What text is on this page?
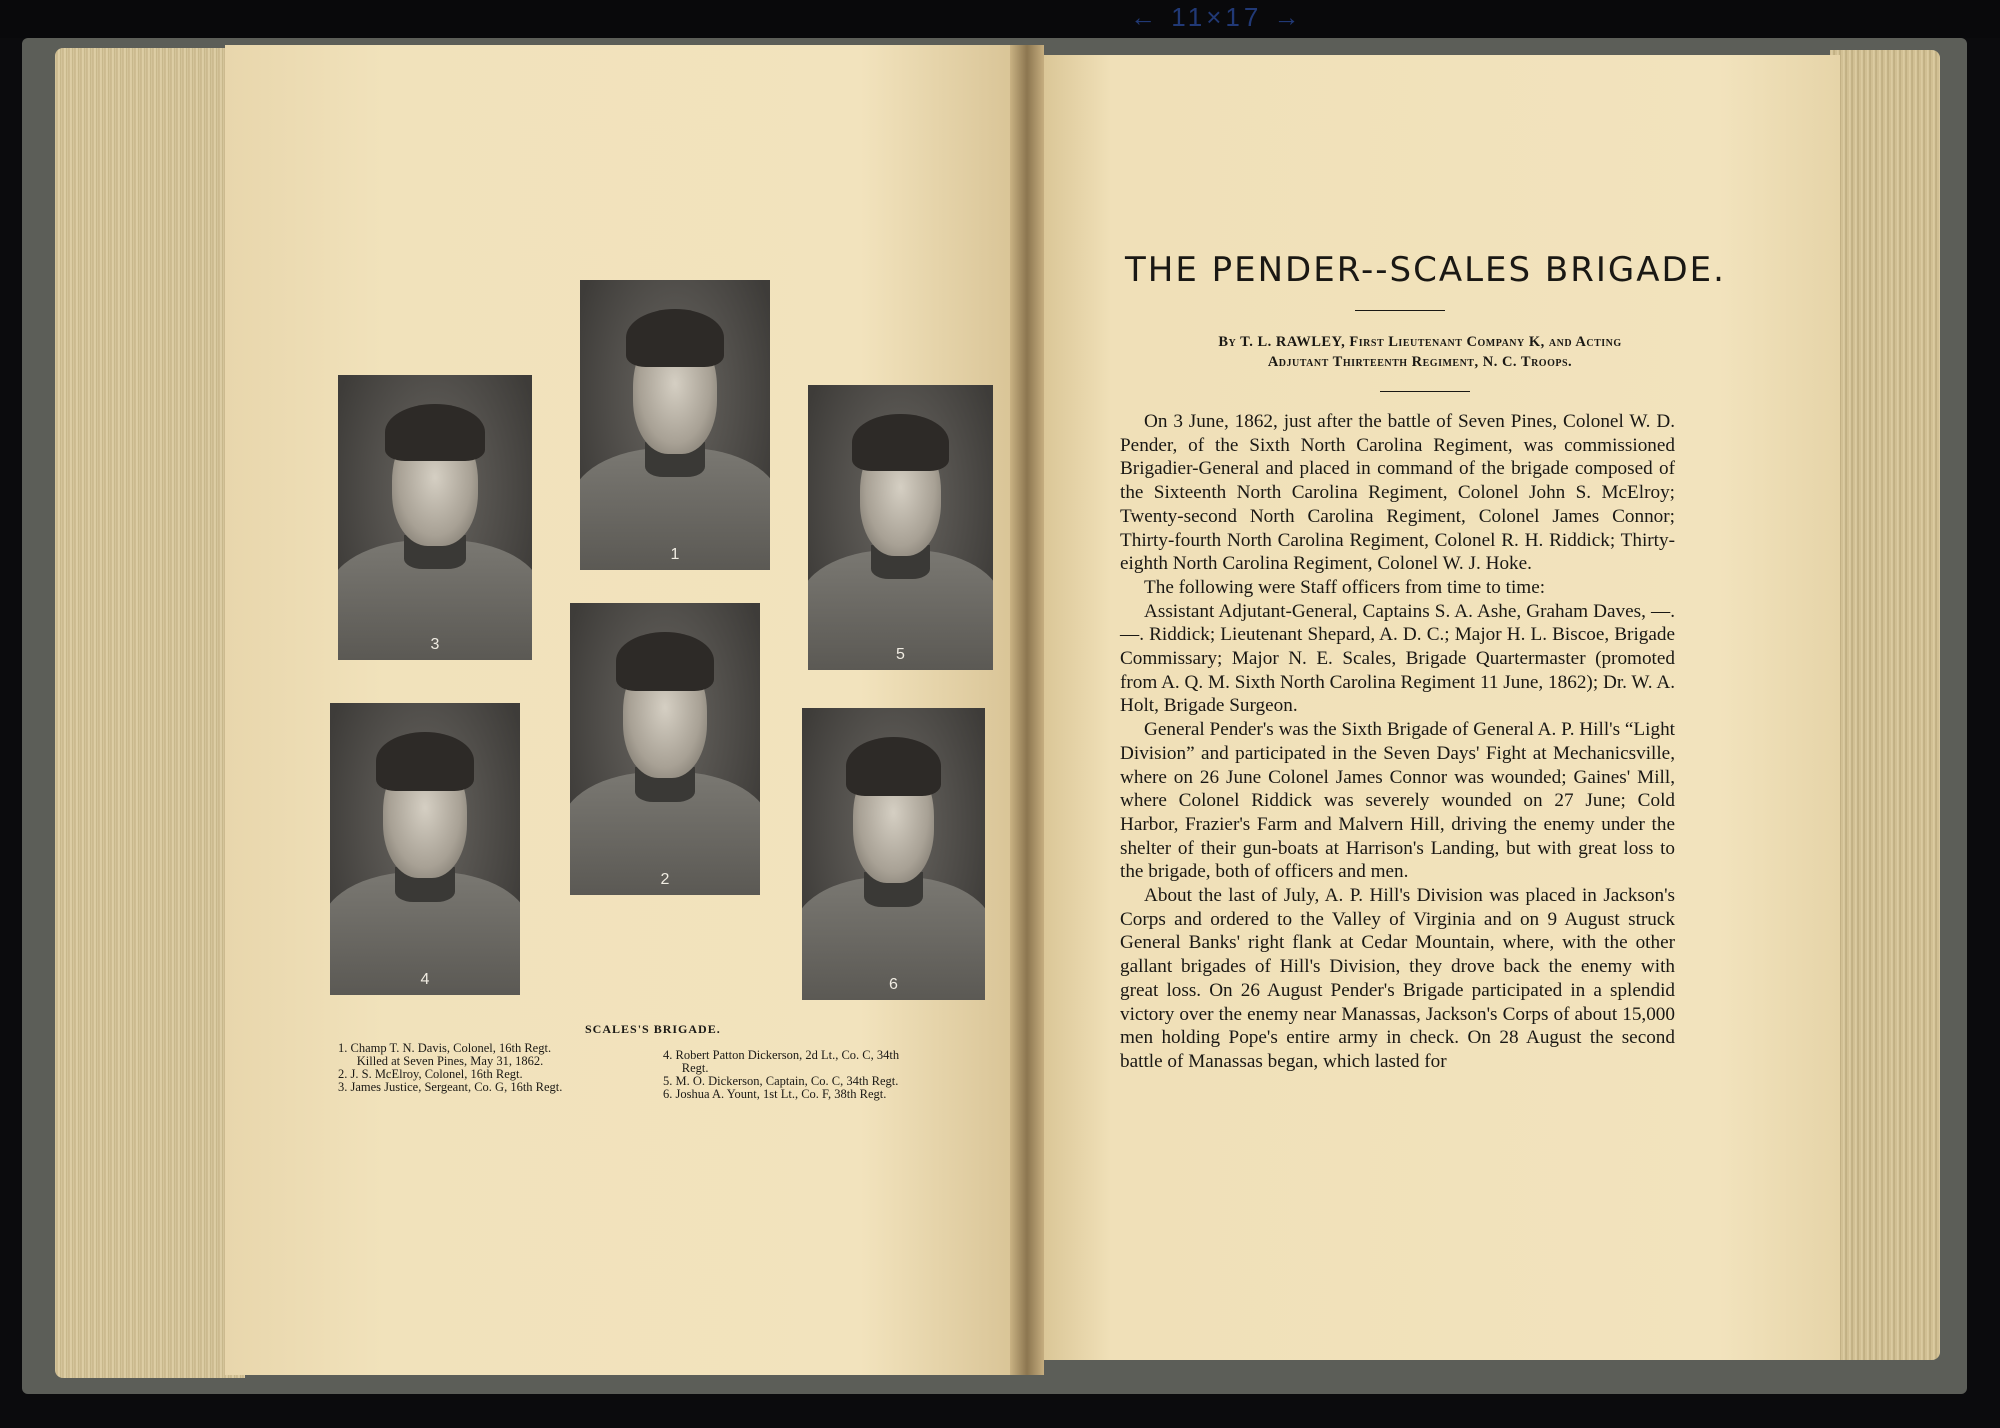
← 11×17 →
1
3
5
2
4	6
SCALES'S BRIGADE.
1. Champ T. N. Davis, Colonel, 16th Regt.
Killed at Seven Pines, May 31, 1862.
2. J. S. McElroy, Colonel, 16th Regt.
3. James Justice, Sergeant, Co. G, 16th Regt.
4. Robert Patton Dickerson, 2d Lt., Co. C, 34th
Regt.
5. M. O. Dickerson, Captain, Co. C, 34th Regt.
6. Joshua A. Yount, 1st Lt., Co. F, 38th Regt.
THE PENDER--SCALES BRIGADE.
By T. L. RAWLEY, First Lieutenant Company K, and Acting
Adjutant Thirteenth Regiment, N. C. Troops.

On 3 June, 1862, just after the battle of Seven Pines, Colonel W. D. Pender, of the Sixth North Carolina Regiment, was commissioned Brigadier-General and placed in command of the brigade composed of the Sixteenth North Carolina Regiment, Colonel John S. McElroy; Twenty-second North Carolina Regiment, Colonel James Connor; Thirty-fourth North Carolina Regiment, Colonel R. H. Riddick; Thirty-eighth North Carolina Regiment, Colonel W. J. Hoke.

The following were Staff officers from time to time:

Assistant Adjutant-General, Captains S. A. Ashe, Graham Daves, —. —. Riddick; Lieutenant Shepard, A. D. C.; Major H. L. Biscoe, Brigade Commissary; Major N. E. Scales, Brigade Quartermaster (promoted from A. Q. M. Sixth North Carolina Regiment 11 June, 1862); Dr. W. A. Holt, Brigade Surgeon.

General Pender's was the Sixth Brigade of General A. P. Hill's “Light Division” and participated in the Seven Days' Fight at Mechanicsville, where on 26 June Colonel James Connor was wounded; Gaines' Mill, where Colonel Riddick was severely wounded on 27 June; Cold Harbor, Frazier's Farm and Malvern Hill, driving the enemy under the shelter of their gun-boats at Harrison's Landing, but with great loss to the brigade, both of officers and men.

About the last of July, A. P. Hill's Division was placed in Jackson's Corps and ordered to the Valley of Virginia and on 9 August struck General Banks' right flank at Cedar Mountain, where, with the other gallant brigades of Hill's Division, they drove back the enemy with great loss. On 26 August Pender's Brigade participated in a splendid victory over the enemy near Manassas, Jackson's Corps of about 15,000 men holding Pope's entire army in check. On 28 August the second battle of Manassas began, which lasted for
